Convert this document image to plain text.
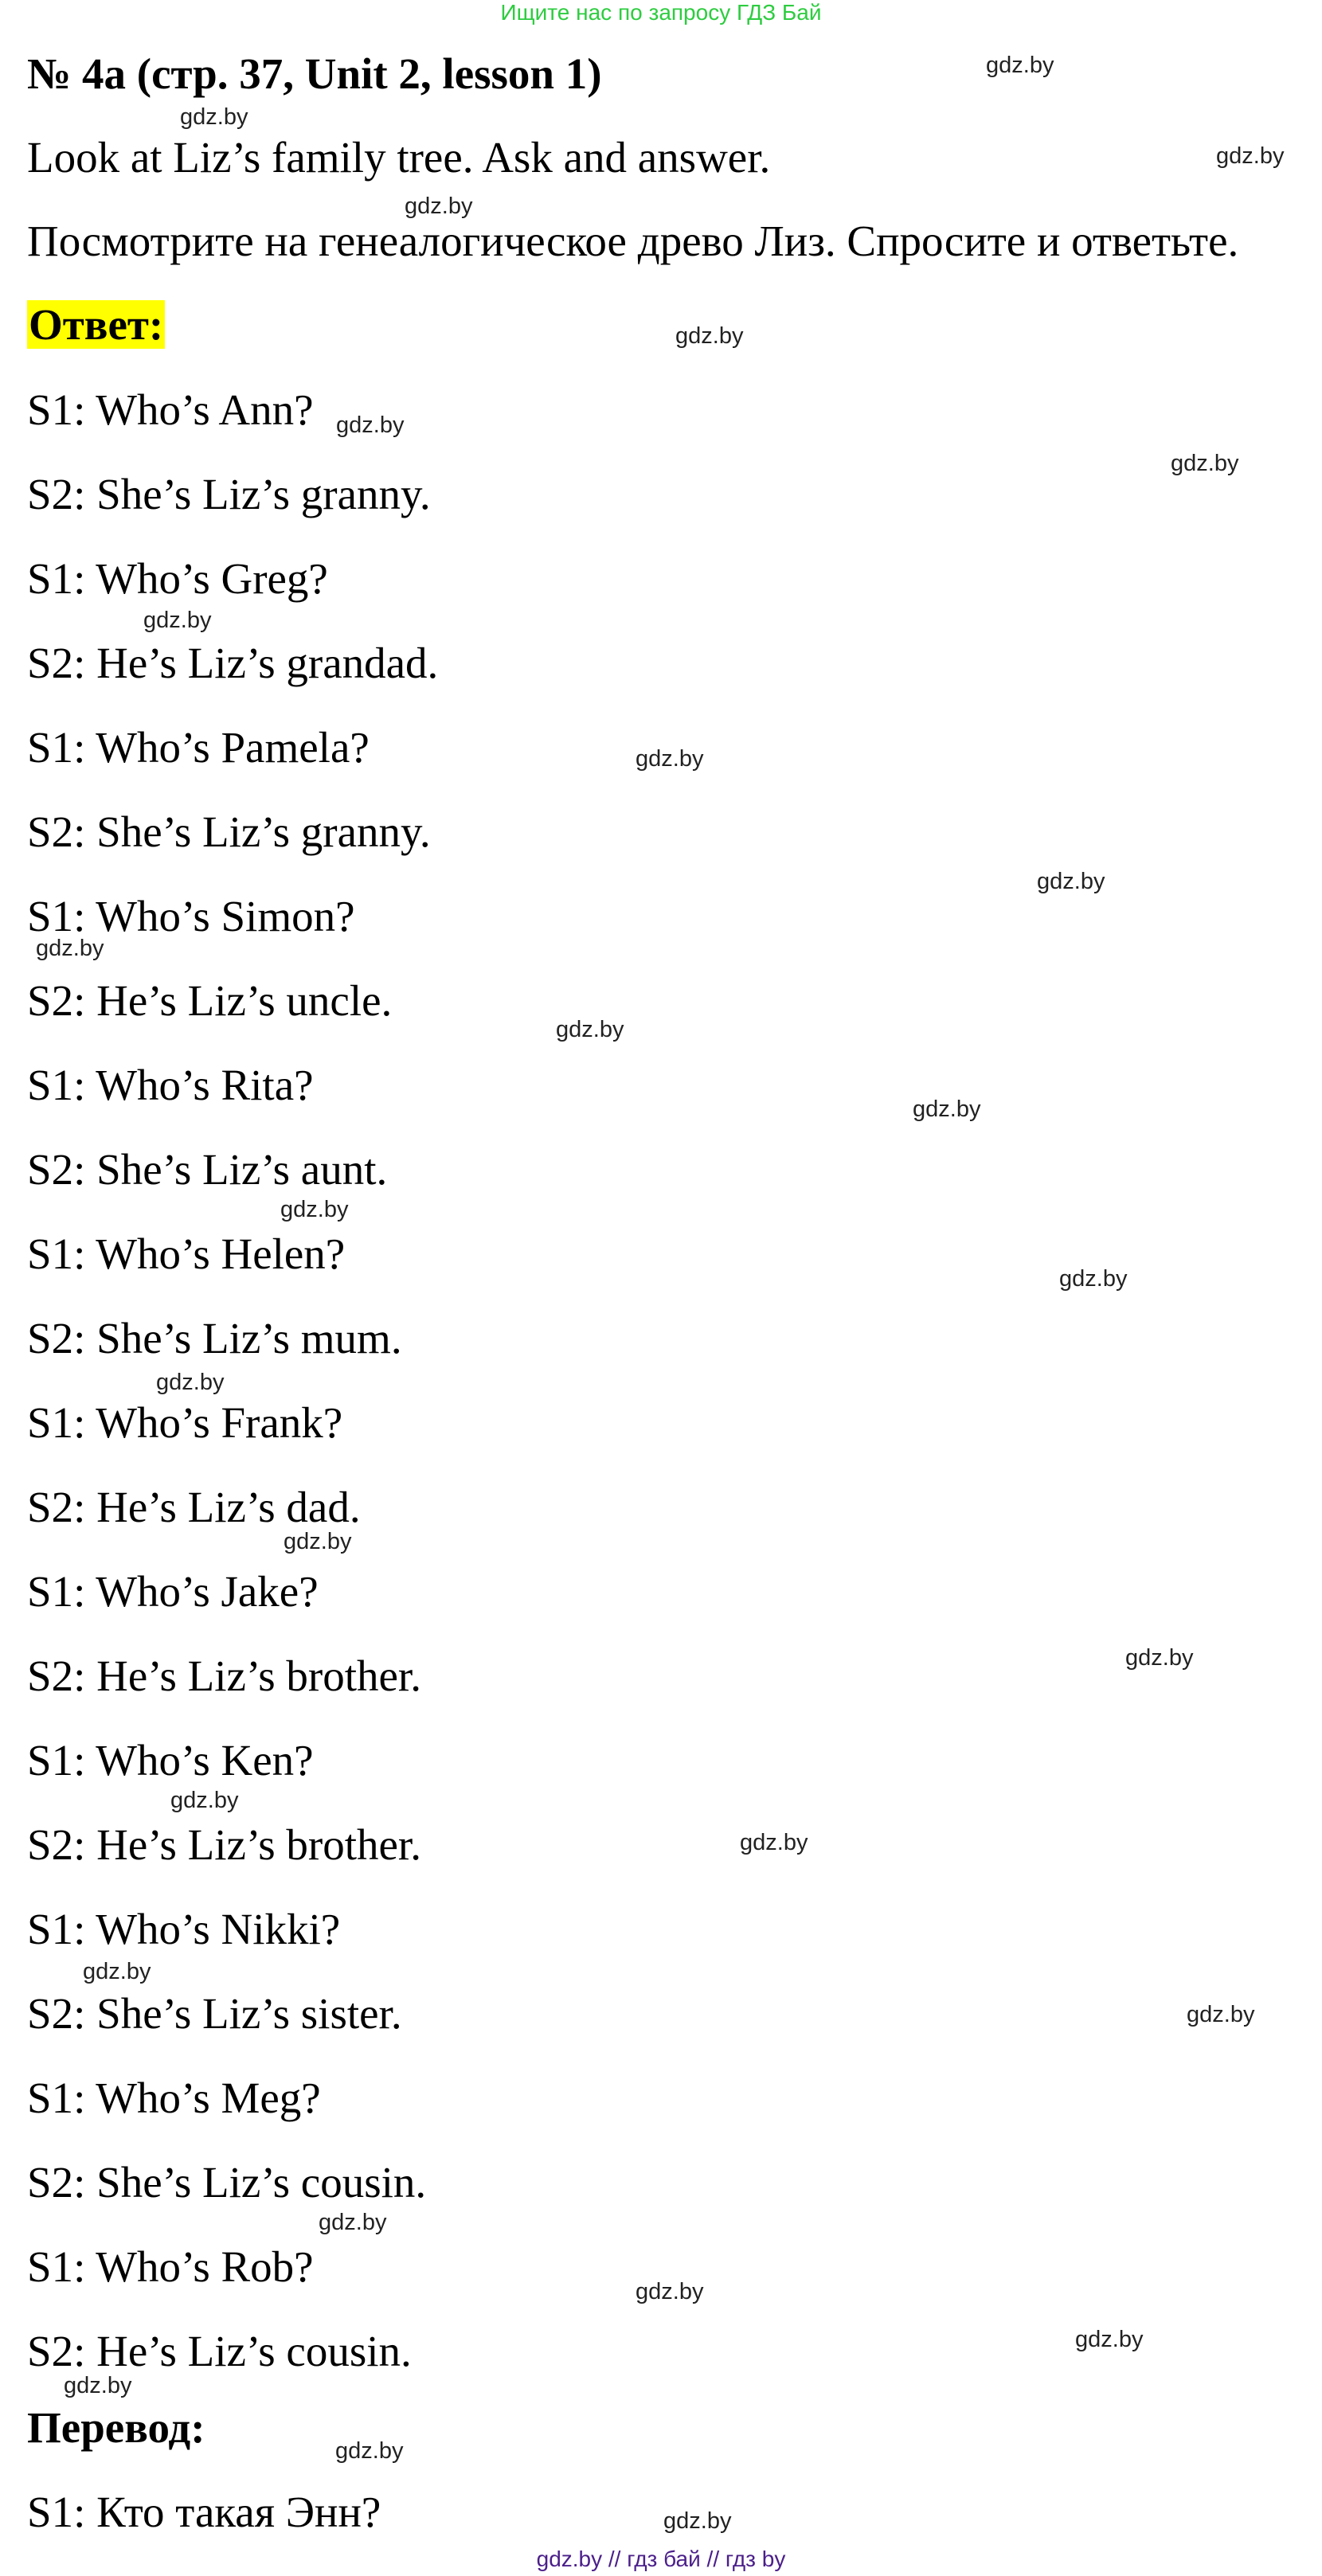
Ищите нас по запросу ГДЗ Бай
№ 4a (стр. 37, Unit 2, lesson 1)
Look at Liz’s family tree. Ask and answer.
Посмотрите на генеалогическое древо Лиз. Спросите и ответьте.
Ответ:
S1: Who’s Ann?
S2: She’s Liz’s granny.
S1: Who’s Greg?
S2: He’s Liz’s grandad.
S1: Who’s Pamela?
S2: She’s Liz’s granny.
S1: Who’s Simon?
S2: He’s Liz’s uncle.
S1: Who’s Rita?
S2: She’s Liz’s aunt.
S1: Who’s Helen?
S2: She’s Liz’s mum.
S1: Who’s Frank?
S2: He’s Liz’s dad.
S1: Who’s Jake?
S2: He’s Liz’s brother.
S1: Who’s Ken?
S2: He’s Liz’s brother.
S1: Who’s Nikki?
S2: She’s Liz’s sister.
S1: Who’s Meg?
S2: She’s Liz’s cousin.
S1: Who’s Rob?
S2: He’s Liz’s cousin.
Перевод:
S1: Кто такая Энн?
gdz.by
gdz.by
gdz.by
gdz.by
gdz.by
gdz.by
gdz.by
gdz.by
gdz.by
gdz.by
gdz.by
gdz.by
gdz.by
gdz.by
gdz.by
gdz.by
gdz.by
gdz.by
gdz.by
gdz.by
gdz.by
gdz.by
gdz.by
gdz.by
gdz.by
gdz.by
gdz.by
gdz.by
gdz.by // гдз бай // гдз by
